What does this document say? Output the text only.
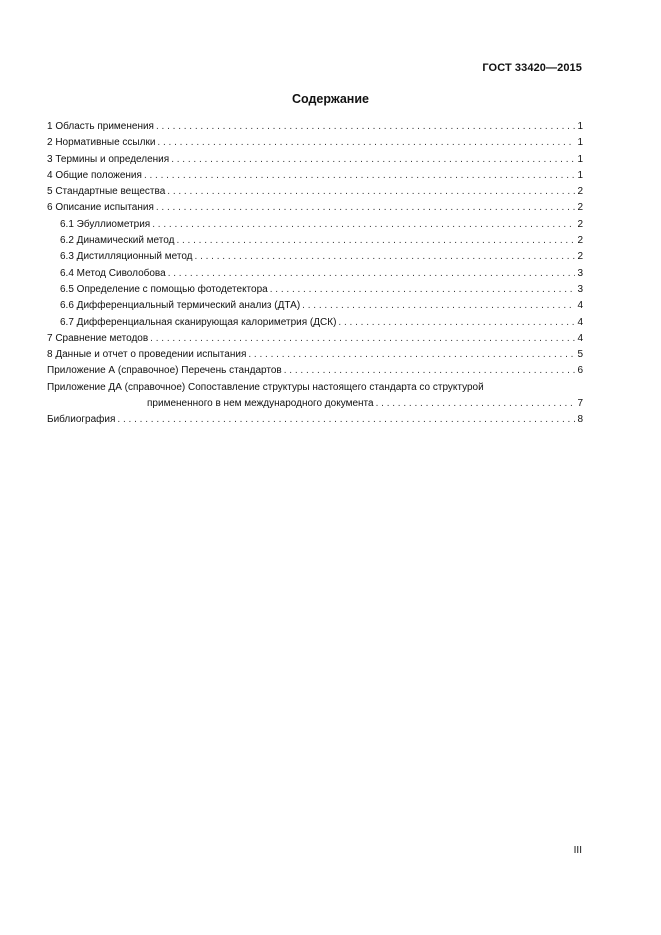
ГОСТ 33420—2015
Содержание
1 Область применения . . .	1
2 Нормативные ссылки . . .	1
3 Термины и определения . . .	1
4 Общие положения . . .	1
5 Стандартные вещества . . .	2
6 Описание испытания . . .	2
6.1 Эбуллиометрия . . .	2
6.2 Динамический метод . . .	2
6.3 Дистилляционный метод . . .	2
6.4 Метод Сиволобова . . .	3
6.5 Определение с помощью фотодетектора . . .	3
6.6 Дифференциальный термический анализ (ДТА) . . .	4
6.7 Дифференциальная сканирующая калориметрия (ДСК) . . .	4
7 Сравнение методов . . .	4
8 Данные и отчет о проведении испытания . . .	5
Приложение А (справочное) Перечень стандартов . . .	6
Приложение ДА (справочное) Сопоставление структуры настоящего стандарта со структурой
примененного в нем международного документа . . .	7
Библиография . . .	8
III
